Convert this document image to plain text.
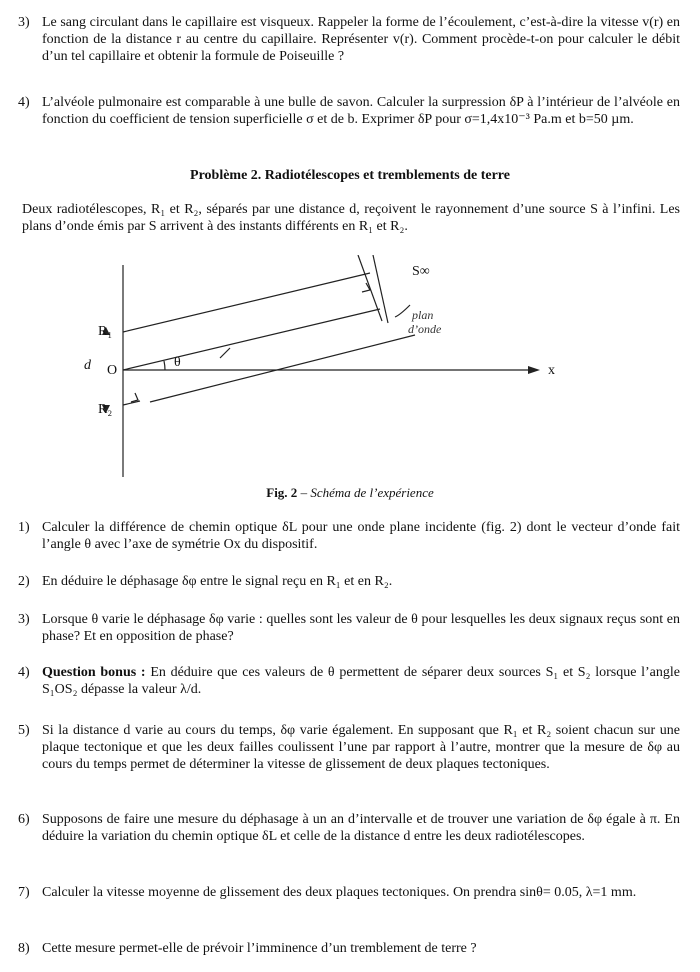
3) Le sang circulant dans le capillaire est visqueux. Rappeler la forme de l’écoulement, c’est-à-dire la vitesse v(r) en fonction de la distance r au centre du capillaire. Représenter v(r). Comment procède-t-on pour calculer le débit d’un tel capillaire et obtenir la formule de Poiseuille ?
4) L’alvéole pulmonaire est comparable à une bulle de savon. Calculer la surpression δP à l’intérieur de l’alvéole en fonction du coefficient de tension superficielle σ et de b. Exprimer δP pour σ=1,4x10⁻³ Pa.m et b=50 µm.
Problème 2. Radiotélescopes et tremblements de terre
Deux radiotélescopes, R₁ et R₂, séparés par une distance d, reçoivent le rayonnement d’une source S à l’infini. Les plans d’onde émis par S arrivent à des instants différents en R₁ et R₂.
S∞
R₁
R₂
O
d	x
θ
plan
d’onde
Fig. 2 – Schéma de l’expérience
1) Calculer la différence de chemin optique δL pour une onde plane incidente (fig. 2) dont le vecteur d’onde fait l’angle θ avec l’axe de symétrie Ox du dispositif.
2) En déduire le déphasage δφ entre le signal reçu en R₁ et en R₂.
3) Lorsque θ varie le déphasage δφ varie : quelles sont les valeur de θ pour lesquelles les deux signaux reçus sont en phase? Et en opposition de phase?
4) Question bonus : En déduire que ces valeurs de θ permettent de séparer deux sources S₁ et S₂ lorsque l’angle S₁OS₂ dépasse la valeur λ/d.
5) Si la distance d varie au cours du temps, δφ varie également. En supposant que R₁ et R₂ soient chacun sur une plaque tectonique et que les deux failles coulissent l’une par rapport à l’autre, montrer que la mesure de δφ au cours du temps permet de déterminer la vitesse de glissement de deux plaques tectoniques.
6) Supposons de faire une mesure du déphasage à un an d’intervalle et de trouver une variation de δφ égale à π. En déduire la variation du chemin optique δL et celle de la distance d entre les deux radiotélescopes.
7) Calculer la vitesse moyenne de glissement des deux plaques tectoniques. On prendra sinθ= 0.05, λ=1 mm.
8) Cette mesure permet-elle de prévoir l’imminence d’un tremblement de terre ?
